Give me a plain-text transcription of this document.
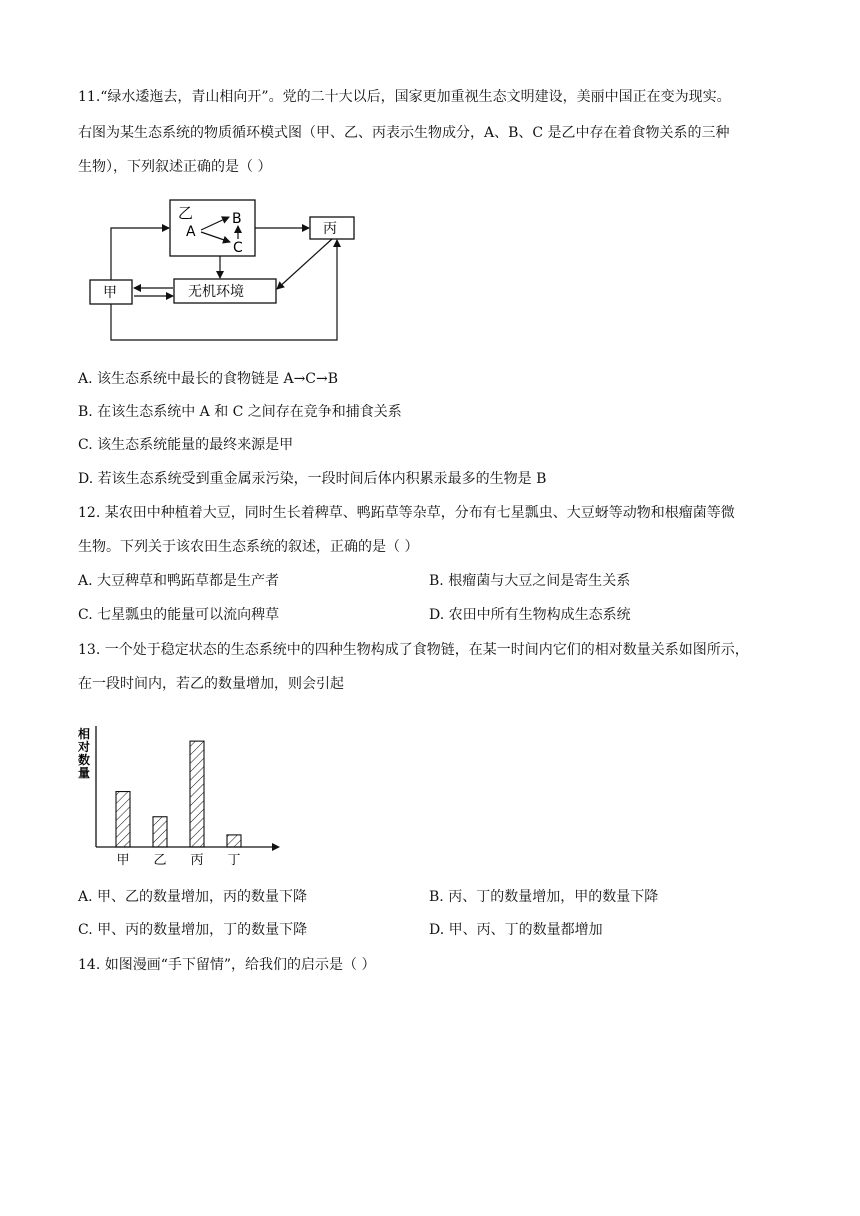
11.“绿水逶迤去，青山相向开”。党的二十大以后，国家更加重视生态文明建设，美丽中国正在变为现实。
右图为某生态系统的物质循环模式图（甲、乙、丙表示生物成分，A、B、C 是乙中存在着食物关系的三种
生物），下列叙述正确的是（ ）
乙
A
B
C
丙
甲	无机环境
A. 该生态系统中最长的食物链是 A→C→B
B. 在该生态系统中 A 和 C 之间存在竞争和捕食关系
C. 该生态系统能量的最终来源是甲
D. 若该生态系统受到重金属汞污染，一段时间后体内积累汞最多的生物是 B
12. 某农田中种植着大豆，同时生长着稗草、鸭跖草等杂草，分布有七星瓢虫、大豆蚜等动物和根瘤菌等微
生物。下列关于该农田生态系统的叙述，正确的是（ ）
A. 大豆稗草和鸭跖草都是生产者	B. 根瘤菌与大豆之间是寄生关系
C. 七星瓢虫的能量可以流向稗草	D. 农田中所有生物构成生态系统
13. 一个处于稳定状态的生态系统中的四种生物构成了食物链，在某一时间内它们的相对数量关系如图所示，
在一段时间内，若乙的数量增加，则会引起
相
对
数
量
甲 乙 丙 丁
A. 甲、乙的数量增加，丙的数量下降	B. 丙、丁的数量增加，甲的数量下降
C. 甲、丙的数量增加，丁的数量下降	D. 甲、丙、丁的数量都增加
14. 如图漫画“手下留情”，给我们的启示是（ ）
